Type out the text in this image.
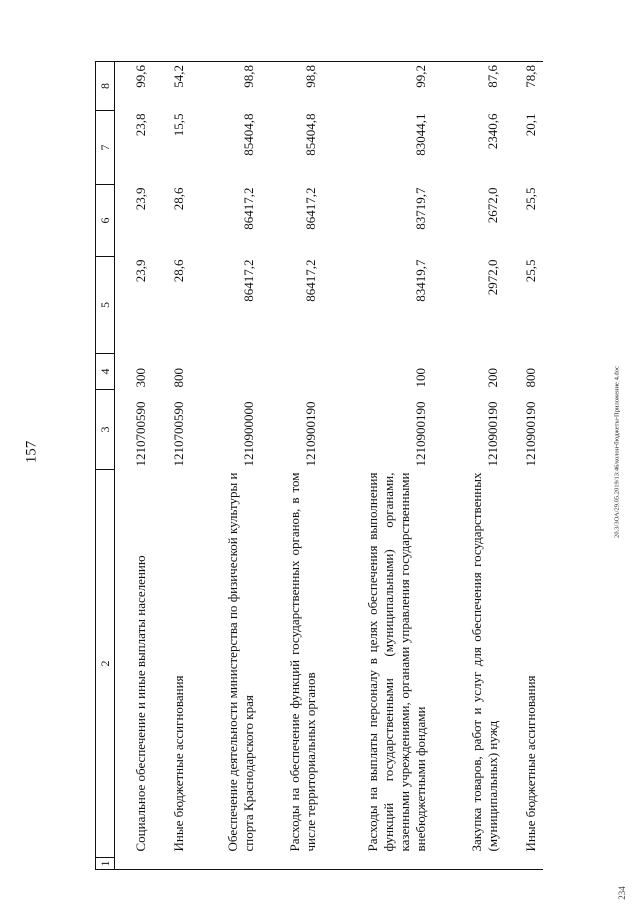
157	20.3/3ОА/29.05.2019/13:46/колон-бюджеты-Приложение 4.doc
234
1	2	3	4	5	6	7	8
	Социальное обеспечение и иные выплаты населению	1210700590	300	23,9	23,9	23,8	99,6
	Иные бюджетные ассигнования	1210700590	800	28,6	28,6	15,5	54,2
	Обеспечение деятельности министерства по физической культуры и спорта Краснодарского края	1210900000		86417,2	86417,2	85404,8	98,8
	Расходы на обеспечение функций государственных органов, в том числе территориальных органов	1210900190		86417,2	86417,2	85404,8	98,8
	Расходы на выплаты персоналу в целях обеспечения выполнения функций государственными (муниципальными) органами, казенными учреждениями, органами управления государственными внебюджетными фондами	1210900190	100	83419,7	83719,7	83044,1	99,2
	Закупка товаров, работ и услуг для обеспечения государственных (муниципальных) нужд	1210900190	200	2972,0	2672,0	2340,6	87,6
	Иные бюджетные ассигнования	1210900190	800	25,5	25,5	20,1	78,8
